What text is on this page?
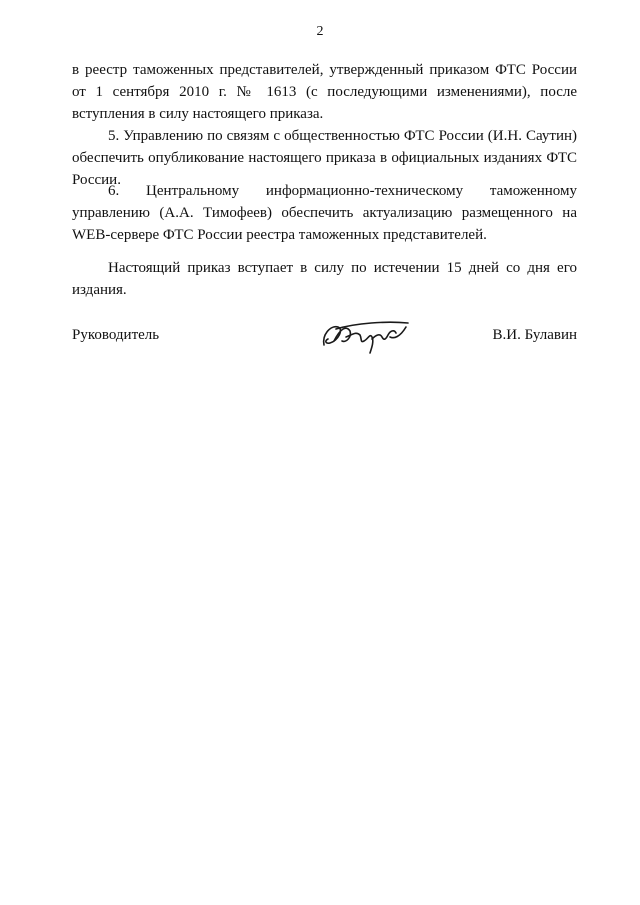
2

в реестр таможенных представителей, утвержденный приказом ФТС России от 1 сентября 2010 г. № 1613 (с последующими изменениями), после вступления в силу настоящего приказа.

5. Управлению по связям с общественностью ФТС России (И.Н. Саутин) обеспечить опубликование настоящего приказа в официальных изданиях ФТС России.

6. Центральному информационно-техническому таможенному управлению (А.А. Тимофеев) обеспечить актуализацию размещенного на WEB-сервере ФТС России реестра таможенных представителей.

Настоящий приказ вступает в силу по истечении 15 дней со дня его издания.

Руководитель	В.И. Булавин
